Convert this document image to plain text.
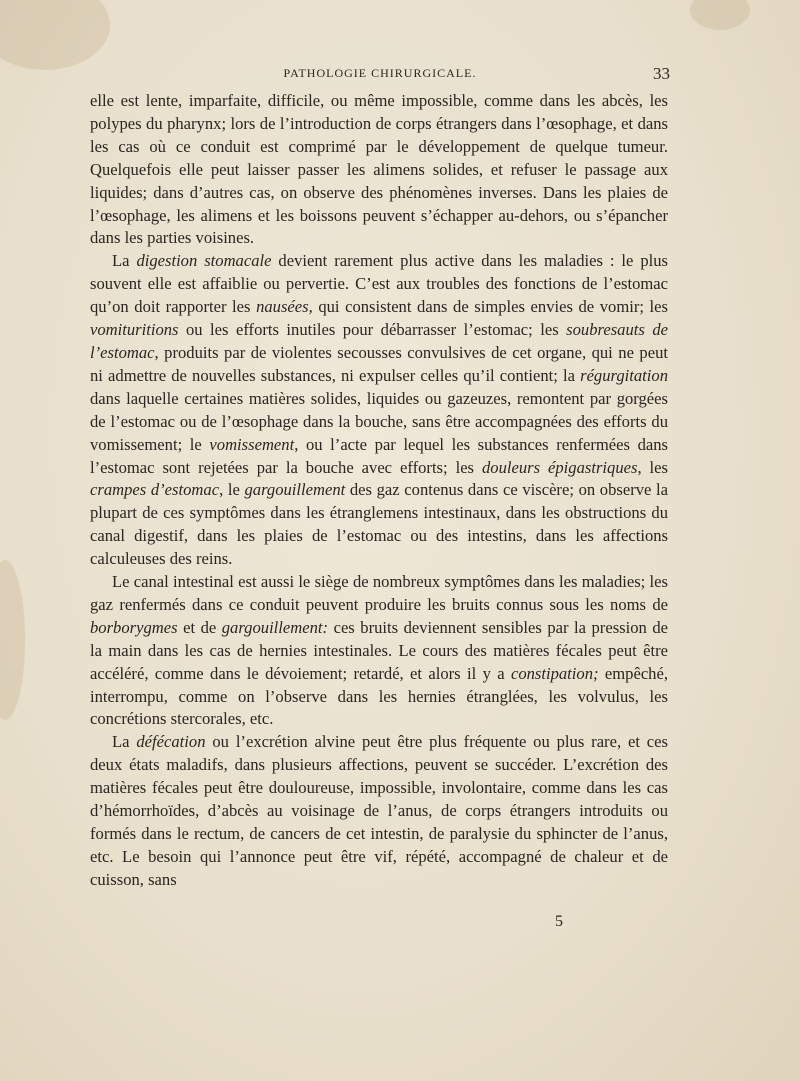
PATHOLOGIE CHIRURGICALE.	33

elle est lente, imparfaite, difficile, ou même impossible, comme dans les abcès, les polypes du pharynx; lors de l’introduction de corps étrangers dans l’œsophage, et dans les cas où ce conduit est comprimé par le développement de quelque tumeur. Quelquefois elle peut laisser passer les alimens solides, et refuser le passage aux liquides; dans d’autres cas, on observe des phénomènes inverses. Dans les plaies de l’œsophage, les alimens et les boissons peuvent s’échapper au-dehors, ou s’épancher dans les parties voisines.

La digestion stomacale devient rarement plus active dans les maladies : le plus souvent elle est affaiblie ou pervertie. C’est aux troubles des fonctions de l’estomac qu’on doit rapporter les nausées, qui consistent dans de simples envies de vomir; les vomituritions ou les efforts inutiles pour débarrasser l’estomac; les soubresauts de l’estomac, produits par de violentes secousses convulsives de cet organe, qui ne peut ni admettre de nouvelles substances, ni expulser celles qu’il contient; la régurgitation dans laquelle certaines matières solides, liquides ou gazeuzes, remontent par gorgées de l’estomac ou de l’œsophage dans la bouche, sans être accompagnées des efforts du vomissement; le vomissement, ou l’acte par lequel les substances renfermées dans l’estomac sont rejetées par la bouche avec efforts; les douleurs épigastriques, les crampes d’estomac, le gargouillement des gaz contenus dans ce viscère; on observe la plupart de ces symptômes dans les étranglemens intestinaux, dans les obstructions du canal digestif, dans les plaies de l’estomac ou des intestins, dans les affections calculeuses des reins.

Le canal intestinal est aussi le siège de nombreux symptômes dans les maladies; les gaz renfermés dans ce conduit peuvent produire les bruits connus sous les noms de borborygmes et de gargouillement: ces bruits deviennent sensibles par la pression de la main dans les cas de hernies intestinales. Le cours des matières fécales peut être accéléré, comme dans le dévoiement; retardé, et alors il y a constipation; empêché, interrompu, comme on l’observe dans les hernies étranglées, les volvulus, les concrétions stercorales, etc.

La défécation ou l’excrétion alvine peut être plus fréquente ou plus rare, et ces deux états maladifs, dans plusieurs affections, peuvent se succéder. L’excrétion des matières fécales peut être douloureuse, impossible, involontaire, comme dans les cas d’hémorrhoïdes, d’abcès au voisinage de l’anus, de corps étrangers introduits ou formés dans le rectum, de cancers de cet intestin, de paralysie du sphincter de l’anus, etc. Le besoin qui l’annonce peut être vif, répété, accompagné de chaleur et de cuisson, sans

5
